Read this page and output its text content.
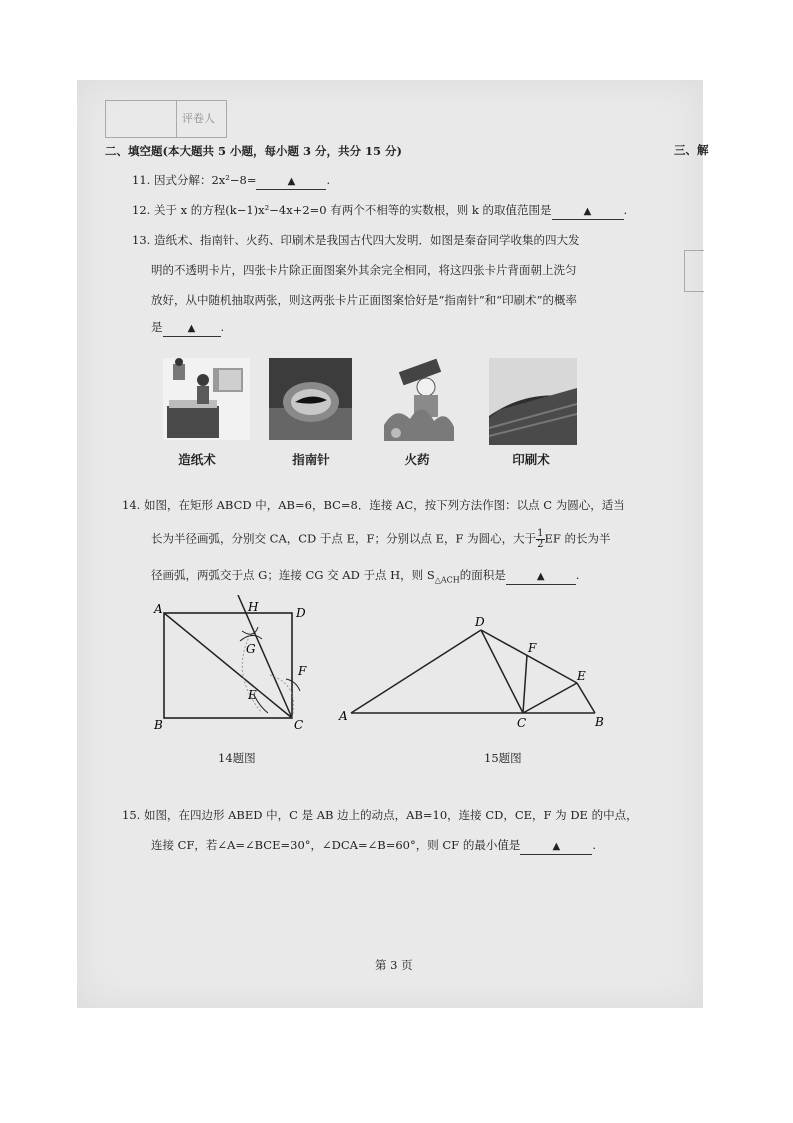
评卷人
三、解
二、填空题(本大题共 5 小题，每小题 3 分，共分 15 分)
11. 因式分解：2x²−8=	▲	.
12. 关于 x 的方程(k−1)x²−4x+2=0 有两个不相等的实数根，则 k 的取值范围是	▲	.
13. 造纸术、指南针、火药、印刷术是我国古代四大发明．如图是秦奋同学收集的四大发
明的不透明卡片，四张卡片除正面图案外其余完全相同，将这四张卡片背面朝上洗匀
放好，从中随机抽取两张，则这两张卡片正面图案恰好是“指南针”和“印刷术”的概率
是	▲ .
造纸术	指南针	火药	印刷术
14. 如图，在矩形 ABCD 中，AB=6，BC=8．连接 AC，按下列方法作图：以点 C 为圆心，适当
长为半径画弧，分别交 CA，CD 于点 E，F；分别以点 E，F 为圆心，大于 $\frac{1}{2}$ EF 的长为半
径画弧，两弧交于点 G；连接 CG 交 AD 于点 H，则 $S_{\triangle ACH}$的面积是	▲	.
A
B	C
D
E
F
G
H
14题图
A	B
C
D
E
F
15题图
15. 如图，在四边形 ABED 中，C 是 AB 边上的动点，AB=10，连接 CD，CE，F 为 DE 的中点，
连接 CF，若∠A=∠BCE=30°，∠DCA=∠B=60°，则 CF 的最小值是	▲	.
第 3 页
